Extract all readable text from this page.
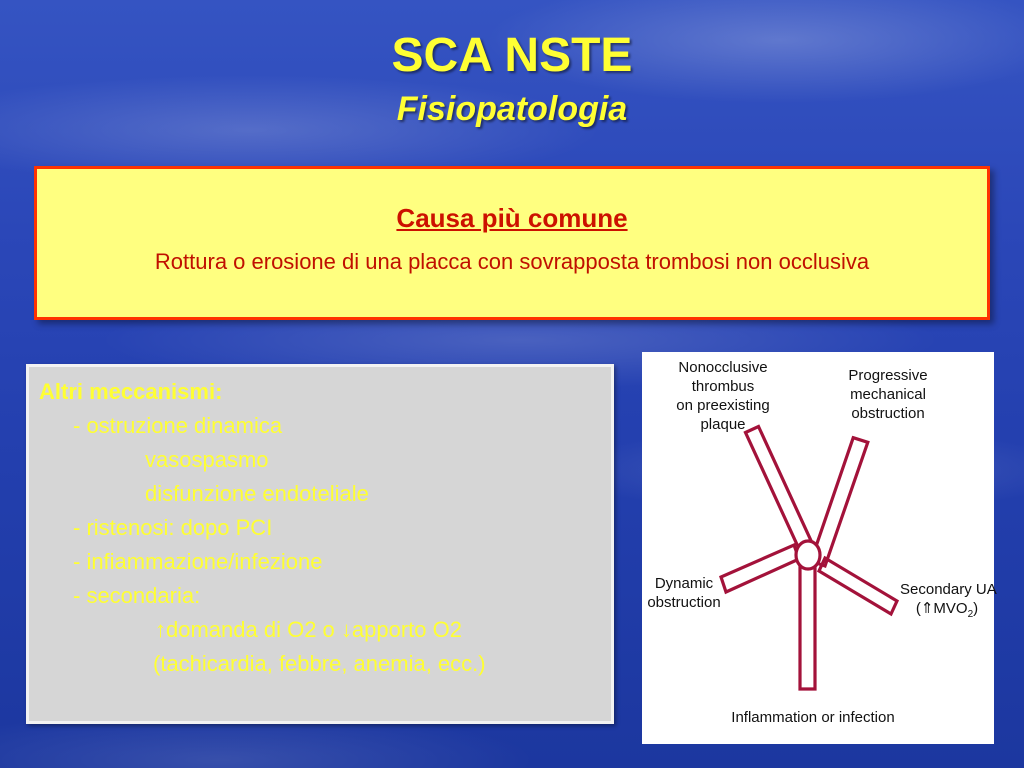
SCA NSTE
Fisiopatologia
Causa più comune
Rottura o erosione di una placca con sovrapposta trombosi non occlusiva
Altri meccanismi:
- ostruzione dinamica
vasospasmo
disfunzione endoteliale
- ristenosi: dopo PCI
- infiammazione/infezione
- secondaria:
↑domanda di O2 o ↓apporto O2
(tachicardia, febbre, anemia, ecc.)
Nonocclusive
thrombus
on preexisting
plaque
Progressive
mechanical
obstruction
Dynamic
obstruction
Secondary UA
$(⇑MVO_2)$
Inflammation or infection
